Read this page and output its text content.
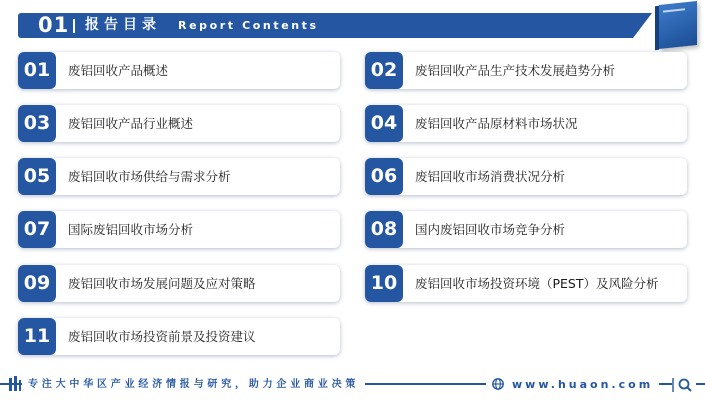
01 报告目录 Report Contents
01	废铝回收产品概述	02	废铝回收产品生产技术发展趋势分析
03	废铝回收产品行业概述	04	废铝回收产品原材料市场状况
05	废铝回收市场供给与需求分析	06	废铝回收市场消费状况分析
07	国际废铝回收市场分析	08	国内废铝回收市场竞争分析
09	废铝回收市场发展问题及应对策略	10	废铝回收市场投资环境（PEST）及风险分析
11	废铝回收市场投资前景及投资建议
专注大中华区产业经济情报与研究，助力企业商业决策	www.huaon.com
